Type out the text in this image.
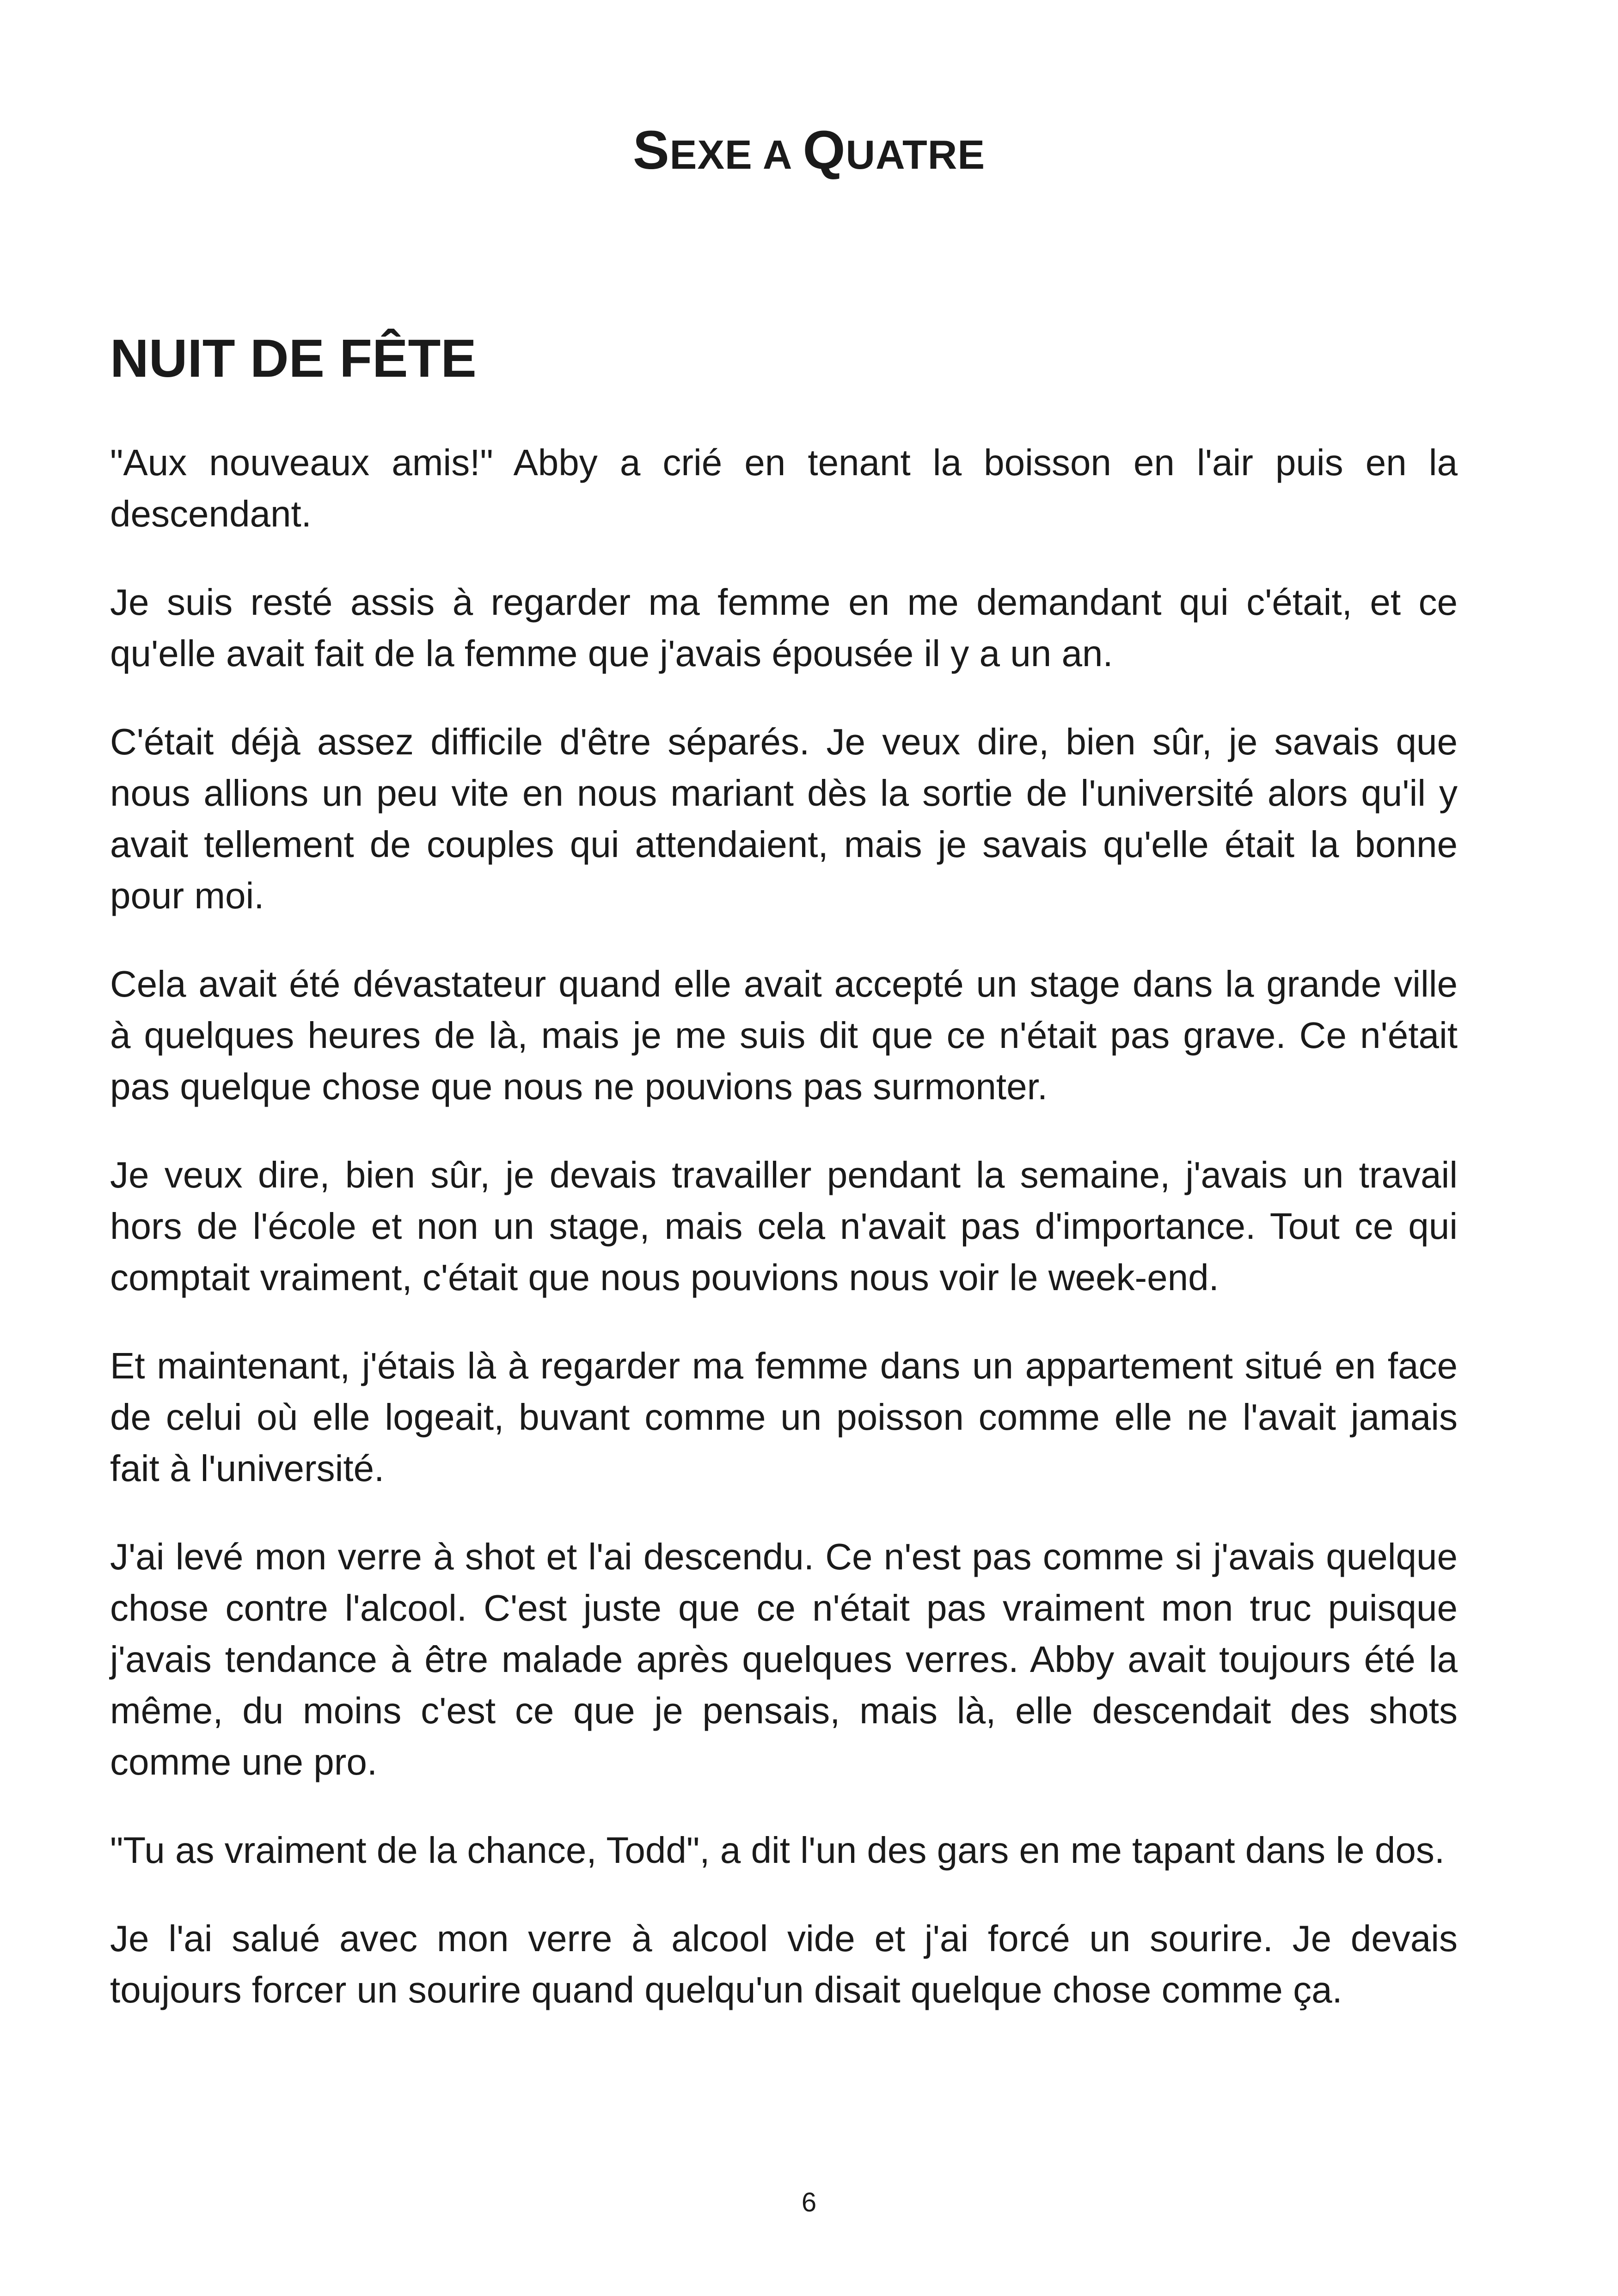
SEXE A QUATRE
NUIT DE FÊTE

"Aux nouveaux amis!" Abby a crié en tenant la boisson en l'air puis en la descendant.

Je suis resté assis à regarder ma femme en me demandant qui c'était, et ce qu'elle avait fait de la femme que j'avais épousée il y a un an.

C'était déjà assez difficile d'être séparés. Je veux dire, bien sûr, je savais que nous allions un peu vite en nous mariant dès la sortie de l'université alors qu'il y avait tellement de couples qui attendaient, mais je savais qu'elle était la bonne pour moi.

Cela avait été dévastateur quand elle avait accepté un stage dans la grande ville à quelques heures de là, mais je me suis dit que ce n'était pas grave. Ce n'était pas quelque chose que nous ne pouvions pas surmonter.

Je veux dire, bien sûr, je devais travailler pendant la semaine, j'avais un travail hors de l'école et non un stage, mais cela n'avait pas d'importance. Tout ce qui comptait vraiment, c'était que nous pouvions nous voir le week-end.

Et maintenant, j'étais là à regarder ma femme dans un appartement situé en face de celui où elle logeait, buvant comme un poisson comme elle ne l'avait jamais fait à l'université.

J'ai levé mon verre à shot et l'ai descendu. Ce n'est pas comme si j'avais quelque chose contre l'alcool. C'est juste que ce n'était pas vraiment mon truc puisque j'avais tendance à être malade après quelques verres. Abby avait toujours été la même, du moins c'est ce que je pensais, mais là, elle descendait des shots comme une pro.

"Tu as vraiment de la chance, Todd", a dit l'un des gars en me tapant dans le dos.

Je l'ai salué avec mon verre à alcool vide et j'ai forcé un sourire. Je devais toujours forcer un sourire quand quelqu'un disait quelque chose comme ça.

6
